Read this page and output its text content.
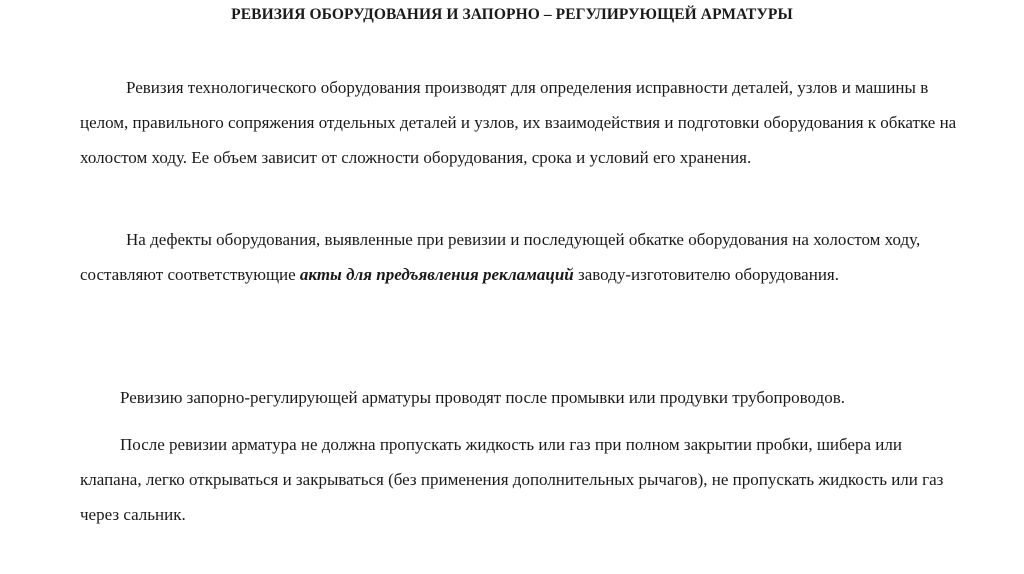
РЕВИЗИЯ ОБОРУДОВАНИЯ И ЗАПОРНО – РЕГУЛИРУЮЩЕЙ АРМАТУРЫ

Ревизия технологического оборудования производят для определения исправности деталей, узлов и машины в целом, правильного сопряжения отдельных деталей и узлов, их взаимодействия и подготовки оборудования к обкатке на холостом ходу. Ее объем зависит от сложности оборудования, срока и условий его хранения.

На дефекты оборудования, выявленные при ревизии и последующей обкатке оборудования на холостом ходу, составляют соответствующие акты для предъявления рекламаций заводу-изготовителю оборудования.

Ревизию запорно-регулирующей арматуры проводят после промывки или продувки трубопроводов.

После ревизии арматура не должна пропускать жидкость или газ при полном закрытии пробки, шибера или клапана, легко открываться и закрываться (без применения дополнительных рычагов), не пропускать жидкость или газ через сальник.
